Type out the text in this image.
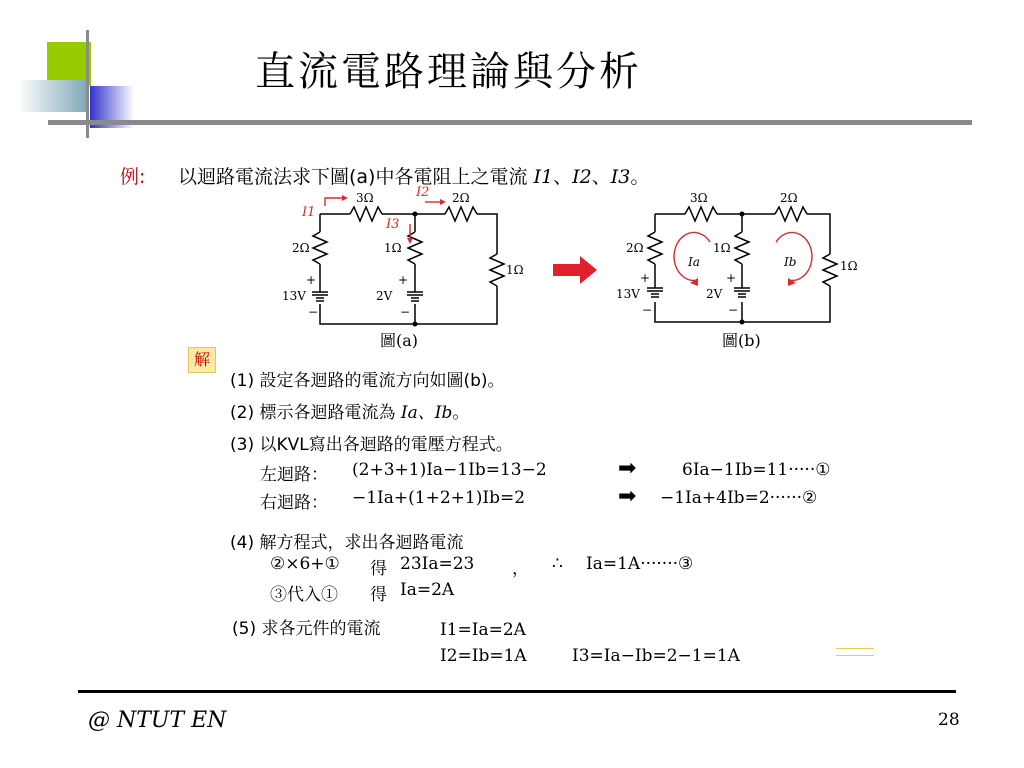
直流電路理論與分析
例: 以迴路電流法求下圖(a)中各電阻上之電流 I1、I2、I3。
3Ω	2Ω
2Ω	1Ω
1Ω
+
13V
−
+
2V
−
I1
I2
I3
3Ω	2Ω
2Ω	1Ω
1Ω
+
13V
−
+
2V
−
Ia	Ib
圖(a)	圖(b)
解
(1) 設定各迴路的電流方向如圖(b)。
(2) 標示各迴路電流為 Ia、Ib。
(3) 以KVL寫出各迴路的電壓方程式。
左迴路： (2+3+1)Ia−1Ib=13−2	➡	6Ia−1Ib=11·····①
右迴路： −1Ia+(1+2+1)Ib=2	➡ −1Ia+4Ib=2······②
(4) 解方程式，求出各迴路電流
②×6+① 得 23Ia=23 ， ∴ Ia=1A·······③
③代入① 得 Ia=2A
(5) 求各元件的電流	I1=Ia=2A
I2=Ib=1A	I3=Ia−Ib=2−1=1A
@ NTUT EN	28
